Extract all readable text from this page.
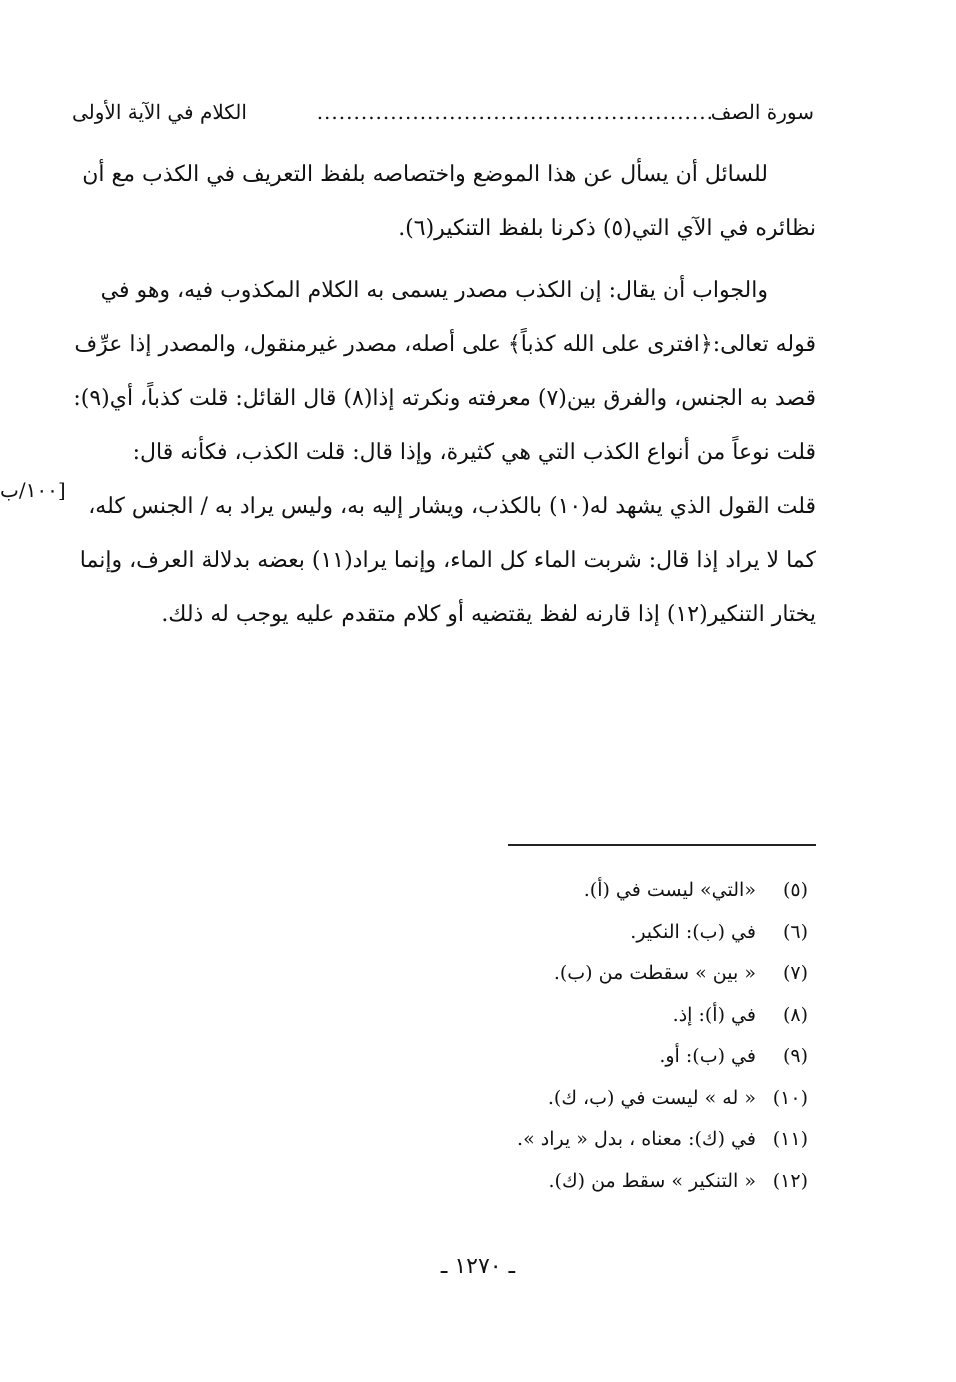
سورة الصف
......................................................
الكلام في الآية الأولى
للسائل أن يسأل عن هذا الموضع واختصاصه بلفظ التعريف في الكذب مع أن
نظائره في الآي التي(٥) ذكرنا بلفظ التنكير(٦).
والجواب أن يقال: إن الكذب مصدر يسمى به الكلام المكذوب فيه، وهو في
قوله تعالى:﴿افترى على الله كذباً﴾ على أصله، مصدر غيرمنقول، والمصدر إذا عرِّف
قصد به الجنس، والفرق بين(٧) معرفته ونكرته إذا(٨) قال القائل: قلت كذباً، أي(٩):
قلت نوعاً من أنواع الكذب التي هي كثيرة، وإذا قال: قلت الكذب، فكأنه قال:
قلت القول الذي يشهد له(١٠) بالكذب، ويشار إليه به، وليس يراد به / الجنس كله،
كما لا يراد إذا قال: شربت الماء كل الماء، وإنما يراد(١١) بعضه بدلالة العرف، وإنما
يختار التنكير(١٢) إذا قارنه لفظ يقتضيه أو كلام متقدم عليه يوجب له ذلك.
[١٠٠/ب
(٥) «التي» ليست في (أ).
(٦) في (ب): النكير.
(٧) « بين » سقطت من (ب).
(٨) في (أ): إذ.
(٩) في (ب): أو.
(١٠) « له » ليست في (ب، ك).
(١١) في (ك): معناه ، بدل « يراد ».
(١٢) « التنكير » سقط من (ك).
ـ ١٢٧٠ ـ
